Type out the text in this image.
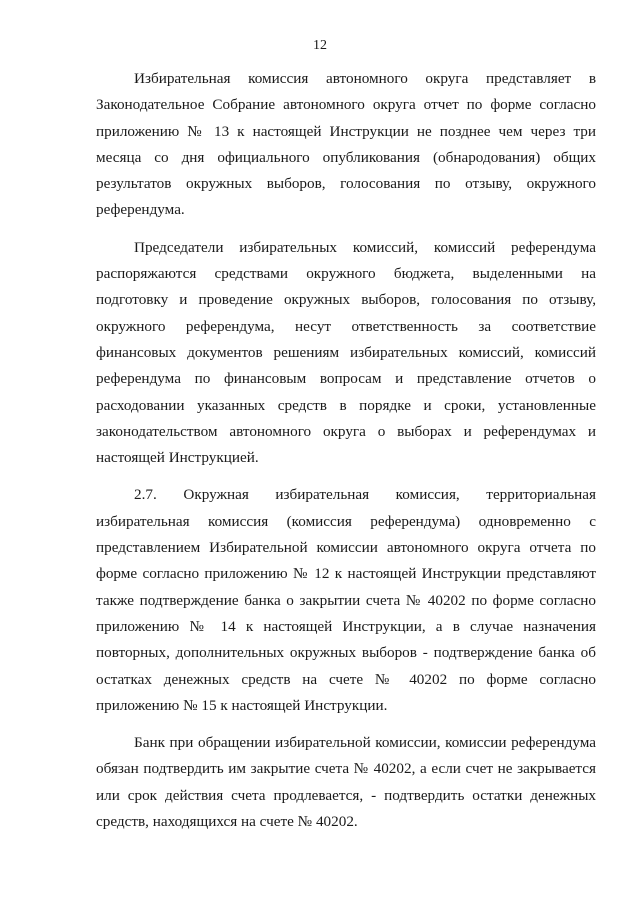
12

Избирательная комиссия автономного округа представляет в Законодательное Собрание автономного округа отчет по форме согласно приложению № 13 к настоящей Инструкции не позднее чем через три месяца со дня официального опубликования (обнародования) общих результатов окружных выборов, голосования по отзыву, окружного референдума.

Председатели избирательных комиссий, комиссий референдума распоряжаются средствами окружного бюджета, выделенными на подготовку и проведение окружных выборов, голосования по отзыву, окружного референдума, несут ответственность за соответствие финансовых документов решениям избирательных комиссий, комиссий референдума по финансовым вопросам и представление отчетов о расходовании указанных средств в порядке и сроки, установленные законодательством автономного округа о выборах и референдумах и настоящей Инструкцией.

2.7. Окружная избирательная комиссия, территориальная избирательная комиссия (комиссия референдума) одновременно с представлением Избирательной комиссии автономного округа отчета по форме согласно приложению № 12 к настоящей Инструкции представляют также подтверждение банка о закрытии счета № 40202 по форме согласно приложению № 14 к настоящей Инструкции, а в случае назначения повторных, дополнительных окружных выборов - подтверждение банка об остатках денежных средств на счете № 40202 по форме согласно приложению № 15 к настоящей Инструкции.

Банк при обращении избирательной комиссии, комиссии референдума обязан подтвердить им закрытие счета № 40202, а если счет не закрывается или срок действия счета продлевается, - подтвердить остатки денежных средств, находящихся на счете № 40202.
